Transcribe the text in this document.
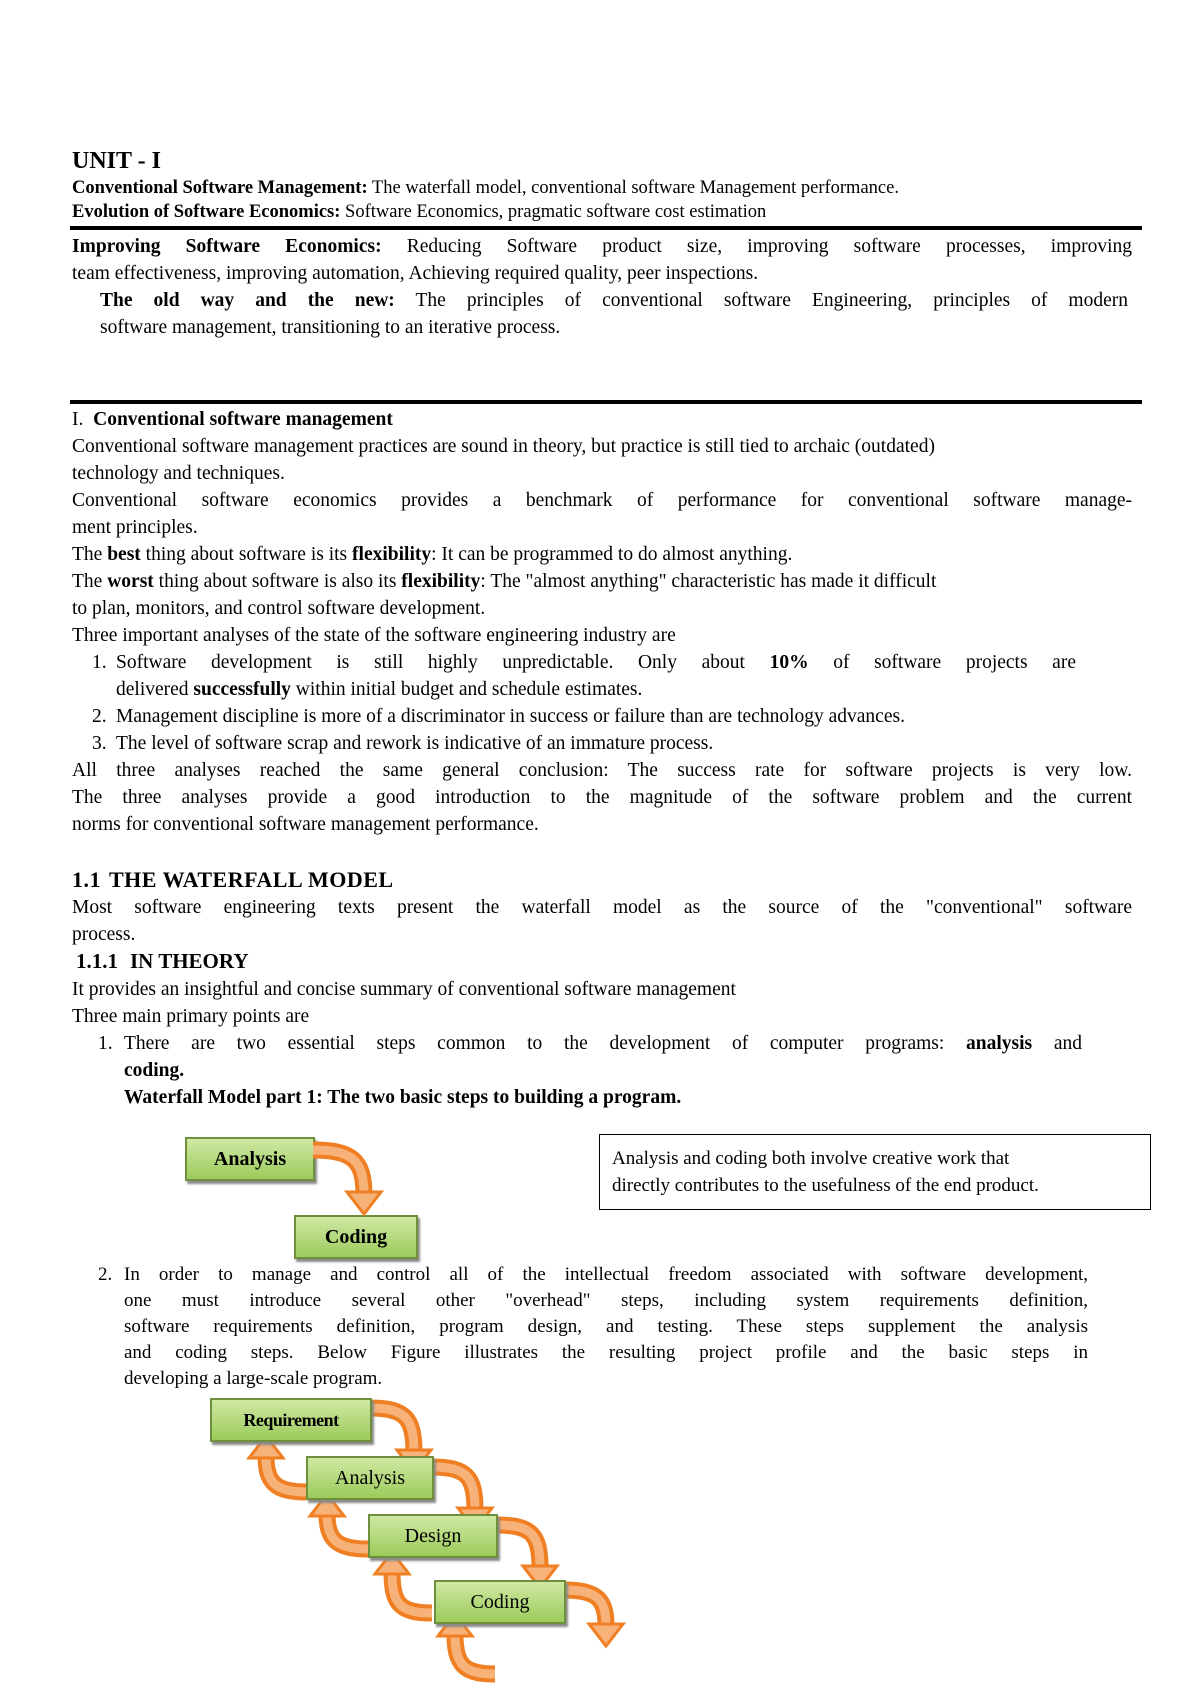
UNIT - I
Conventional Software Management: The waterfall model, conventional software Management performance.
Evolution of Software Economics: Software Economics, pragmatic software cost estimation
Improving Software Economics: Reducing Software product size, improving software processes, improving
team effectiveness, improving automation, Achieving required quality, peer inspections.
The old way and the new: The principles of conventional software Engineering, principles of modern
software management, transitioning to an iterative process.
I. Conventional software management
Conventional software management practices are sound in theory, but practice is still tied to archaic (outdated)
technology and techniques.
Conventional software economics provides a benchmark of performance for conventional software manage-
ment principles.
The best thing about software is its flexibility: It can be programmed to do almost anything.
The worst thing about software is also its flexibility: The "almost anything" characteristic has made it difficult
to plan, monitors, and control software development.
Three important analyses of the state of the software engineering industry are
1. Software development is still highly unpredictable. Only about 10% of software projects are
delivered successfully within initial budget and schedule estimates.
2. Management discipline is more of a discriminator in success or failure than are technology advances.
3. The level of software scrap and rework is indicative of an immature process.
All three analyses reached the same general conclusion: The success rate for software projects is very low.
The three analyses provide a good introduction to the magnitude of the software problem and the current
norms for conventional software management performance.
1.1 THE WATERFALL MODEL
Most software engineering texts present the waterfall model as the source of the "conventional" software
process.
1.1.1 IN THEORY
It provides an insightful and concise summary of conventional software management
Three main primary points are
1. There are two essential steps common to the development of computer programs: analysis and
coding.
Waterfall Model part 1: The two basic steps to building a program.
Analysis
Coding
Analysis and coding both involve creative work that
directly contributes to the usefulness of the end product.
2. In order to manage and control all of the intellectual freedom associated with software development,
one must introduce several other "overhead" steps, including system requirements definition,
software requirements definition, program design, and testing. These steps supplement the analysis
and coding steps. Below Figure illustrates the resulting project profile and the basic steps in
developing a large-scale program.
Requirement
Analysis
Design
Coding
